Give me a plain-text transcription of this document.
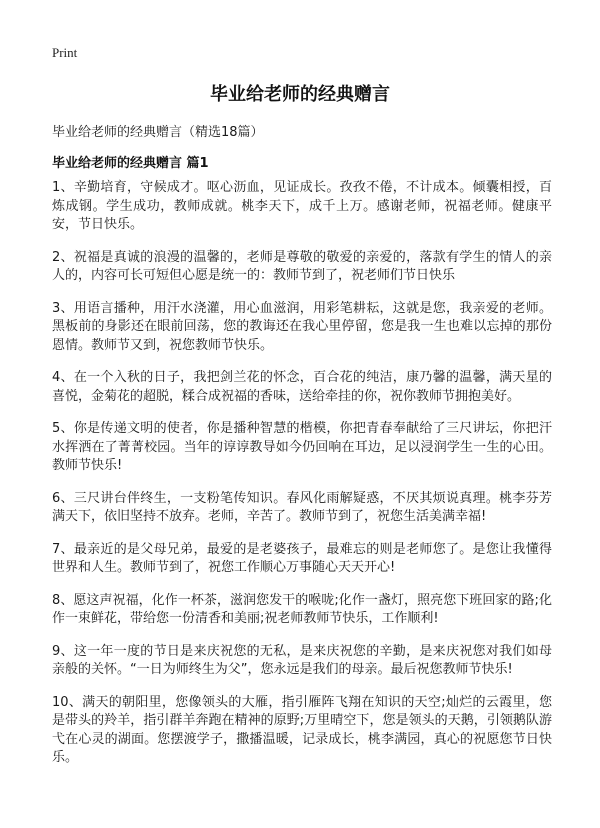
Print
毕业给老师的经典赠言
毕业给老师的经典赠言（精选18篇）
毕业给老师的经典赠言 篇1

1、辛勤培育，守候成才。呕心沥血，见证成长。孜孜不倦，不计成本。倾囊相授，百炼成钢。学生成功，教师成就。桃李天下，成千上万。感谢老师，祝福老师。健康平安，节日快乐。

2、祝福是真诚的浪漫的温馨的，老师是尊敬的敬爱的亲爱的，落款有学生的情人的亲人的，内容可长可短但心愿是统一的：教师节到了，祝老师们节日快乐

3、用语言播种，用汗水浇灌，用心血滋润，用彩笔耕耘，这就是您，我亲爱的老师。黑板前的身影还在眼前回荡，您的教诲还在我心里停留，您是我一生也难以忘掉的那份恩情。教师节又到，祝您教师节快乐。

4、在一个入秋的日子，我把剑兰花的怀念，百合花的纯洁，康乃馨的温馨，满天星的喜悦，金菊花的超脱，糅合成祝福的香味，送给牵挂的你，祝你教师节拥抱美好。

5、你是传递文明的使者，你是播种智慧的楷模，你把青春奉献给了三尺讲坛，你把汗水挥洒在了菁菁校园。当年的谆谆教导如今仍回响在耳边，足以浸润学生一生的心田。教师节快乐!

6、三尺讲台伴终生，一支粉笔传知识。春风化雨解疑惑，不厌其烦说真理。桃李芬芳满天下，依旧坚持不放弃。老师，辛苦了。教师节到了，祝您生活美满幸福!

7、最亲近的是父母兄弟，最爱的是老婆孩子，最难忘的则是老师您了。是您让我懂得世界和人生。教师节到了，祝您工作顺心万事随心天天开心!

8、愿这声祝福，化作一杯茶，滋润您发干的喉咙;化作一盏灯，照亮您下班回家的路;化作一束鲜花，带给您一份清香和美丽;祝老师教师节快乐，工作顺利!

9、这一年一度的节日是来庆祝您的无私，是来庆祝您的辛勤，是来庆祝您对我们如母亲般的关怀。“一日为师终生为父”，您永远是我们的母亲。最后祝您教师节快乐!

10、满天的朝阳里，您像领头的大雁，指引雁阵飞翔在知识的天空;灿烂的云霞里，您是带头的羚羊，指引群羊奔跑在精神的原野;万里晴空下，您是领头的天鹅，引领鹅队游弋在心灵的湖面。您摆渡学子，撒播温暖，记录成长，桃李满园，真心的祝愿您节日快乐。
